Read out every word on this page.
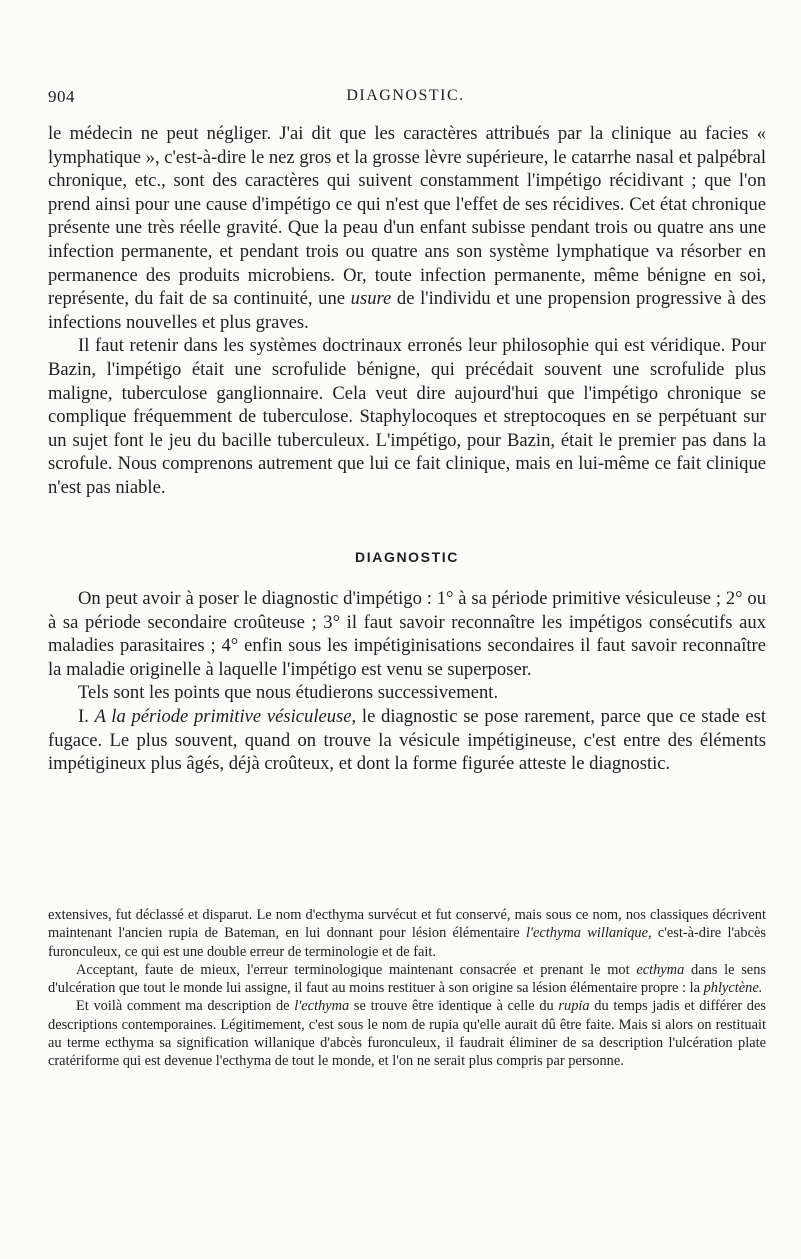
904	DIAGNOSTIC.

le médecin ne peut négliger. J'ai dit que les caractères attribués par la clinique au facies « lymphatique », c'est-à-dire le nez gros et la grosse lèvre supérieure, le catarrhe nasal et palpébral chronique, etc., sont des caractères qui suivent constamment l'impétigo récidivant ; que l'on prend ainsi pour une cause d'impétigo ce qui n'est que l'effet de ses récidives. Cet état chronique présente une très réelle gravité. Que la peau d'un enfant subisse pendant trois ou quatre ans une infection permanente, et pendant trois ou quatre ans son système lymphatique va résorber en permanence des produits microbiens. Or, toute infection permanente, même bénigne en soi, représente, du fait de sa continuité, une usure de l'individu et une propension progressive à des infections nouvelles et plus graves.

Il faut retenir dans les systèmes doctrinaux erronés leur philosophie qui est véridique. Pour Bazin, l'impétigo était une scrofulide bénigne, qui précédait souvent une scrofulide plus maligne, tuberculose ganglionnaire. Cela veut dire aujourd'hui que l'impétigo chronique se complique fréquemment de tuberculose. Staphylocoques et streptocoques en se perpétuant sur un sujet font le jeu du bacille tuberculeux. L'impétigo, pour Bazin, était le premier pas dans la scrofule. Nous comprenons autrement que lui ce fait clinique, mais en lui-même ce fait clinique n'est pas niable.

DIAGNOSTIC

On peut avoir à poser le diagnostic d'impétigo : 1° à sa période primitive vésiculeuse ; 2° ou à sa période secondaire croûteuse ; 3° il faut savoir reconnaître les impétigos consécutifs aux maladies parasitaires ; 4° enfin sous les impétiginisations secondaires il faut savoir reconnaître la maladie originelle à laquelle l'impétigo est venu se superposer.

Tels sont les points que nous étudierons successivement.

I. A la période primitive vésiculeuse, le diagnostic se pose rarement, parce que ce stade est fugace. Le plus souvent, quand on trouve la vésicule impétigineuse, c'est entre des éléments impétigineux plus âgés, déjà croûteux, et dont la forme figurée atteste le diagnostic.

extensives, fut déclassé et disparut. Le nom d'ecthyma survécut et fut conservé, mais sous ce nom, nos classiques décrivent maintenant l'ancien rupia de Bateman, en lui donnant pour lésion élémentaire l'ecthyma willanique, c'est-à-dire l'abcès furonculeux, ce qui est une double erreur de terminologie et de fait.

Acceptant, faute de mieux, l'erreur terminologique maintenant consacrée et prenant le mot ecthyma dans le sens d'ulcération que tout le monde lui assigne, il faut au moins restituer à son origine sa lésion élémentaire propre : la phlyctène.

Et voilà comment ma description de l'ecthyma se trouve être identique à celle du rupia du temps jadis et différer des descriptions contemporaines. Légitimement, c'est sous le nom de rupia qu'elle aurait dû être faite. Mais si alors on restituait au terme ecthyma sa signification willanique d'abcès furonculeux, il faudrait éliminer de sa description l'ulcération plate cratériforme qui est devenue l'ecthyma de tout le monde, et l'on ne serait plus compris par personne.
